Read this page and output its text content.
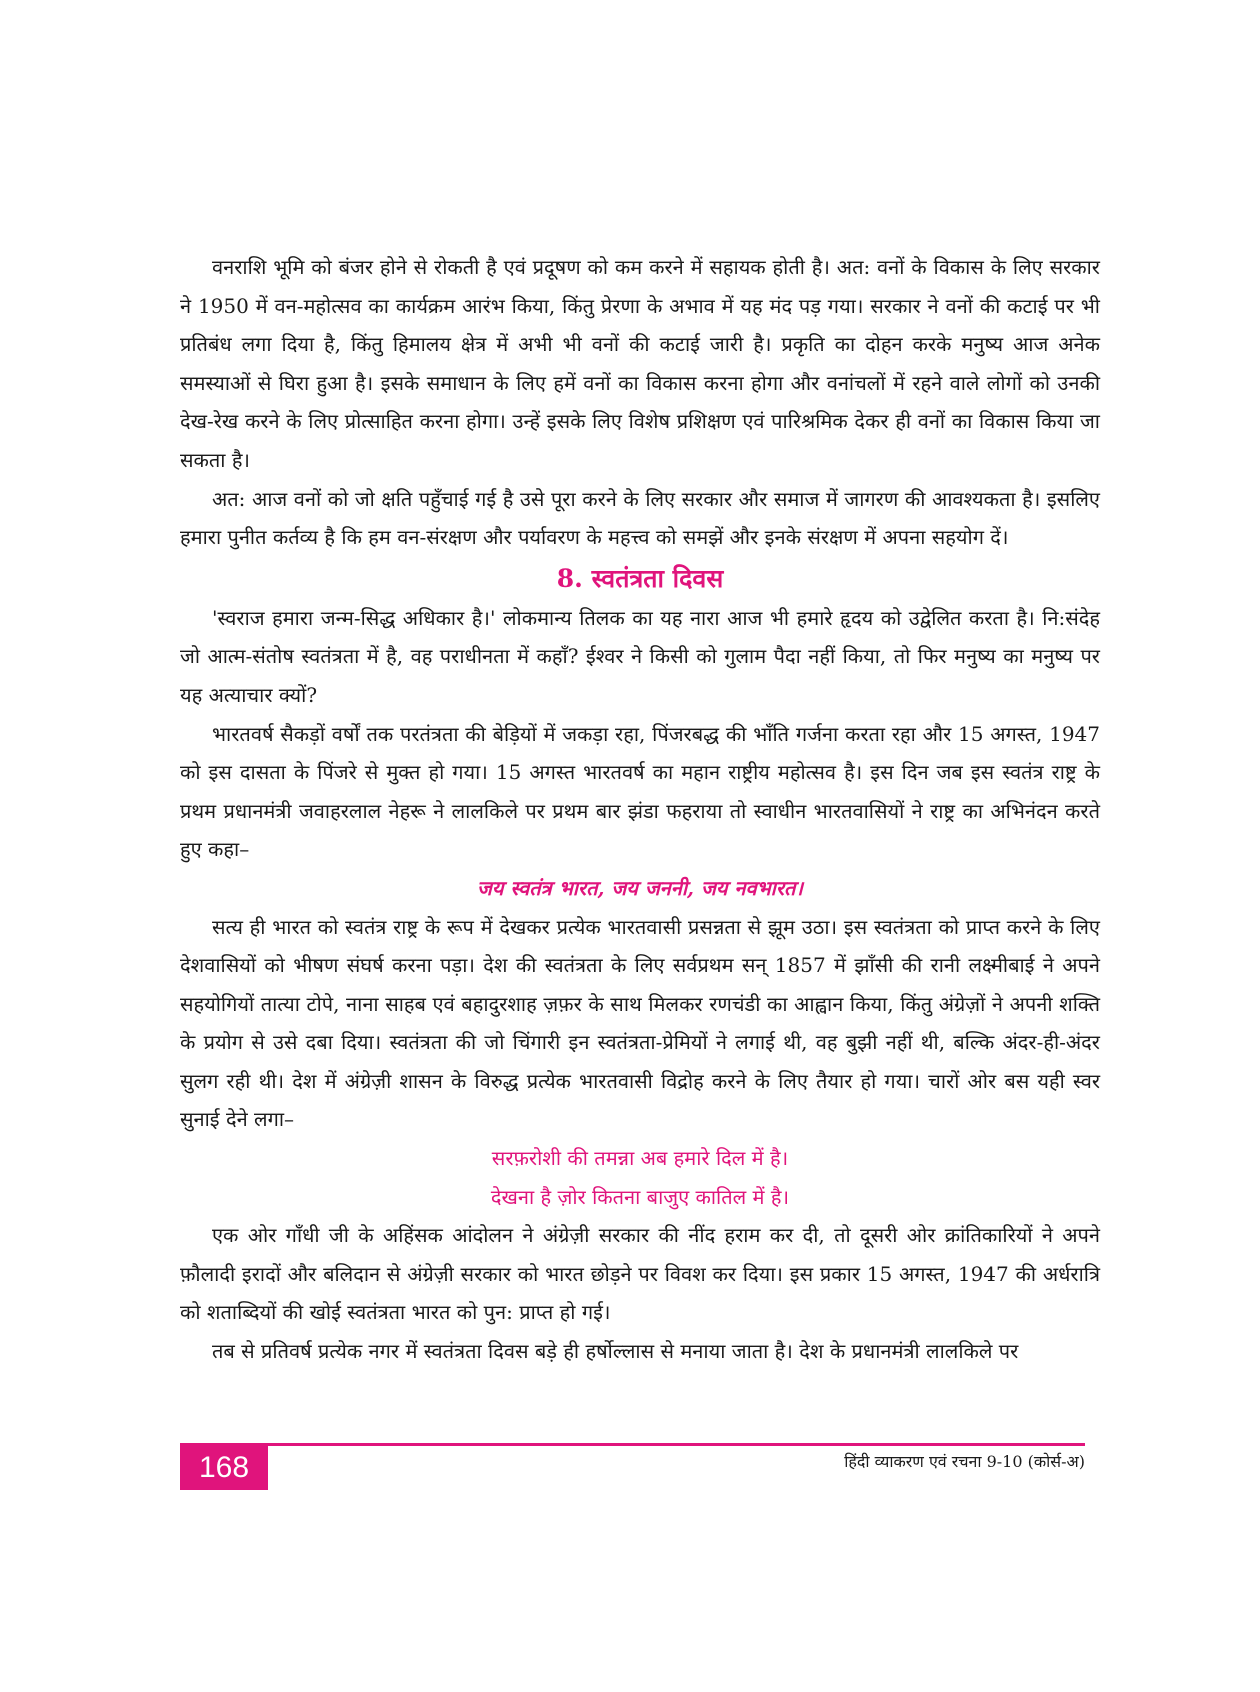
वनराशि भूमि को बंजर होने से रोकती है एवं प्रदूषण को कम करने में सहायक होती है। अत: वनों के विकास के लिए सरकार ने 1950 में वन-महोत्सव का कार्यक्रम आरंभ किया, किंतु प्रेरणा के अभाव में यह मंद पड़ गया। सरकार ने वनों की कटाई पर भी प्रतिबंध लगा दिया है, किंतु हिमालय क्षेत्र में अभी भी वनों की कटाई जारी है। प्रकृति का दोहन करके मनुष्य आज अनेक समस्याओं से घिरा हुआ है। इसके समाधान के लिए हमें वनों का विकास करना होगा और वनांचलों में रहने वाले लोगों को उनकी देख-रेख करने के लिए प्रोत्साहित करना होगा। उन्हें इसके लिए विशेष प्रशिक्षण एवं पारिश्रमिक देकर ही वनों का विकास किया जा सकता है।

अत: आज वनों को जो क्षति पहुँचाई गई है उसे पूरा करने के लिए सरकार और समाज में जागरण की आवश्यकता है। इसलिए हमारा पुनीत कर्तव्य है कि हम वन-संरक्षण और पर्यावरण के महत्त्व को समझें और इनके संरक्षण में अपना सहयोग दें।

8. स्वतंत्रता दिवस

'स्वराज हमारा जन्म-सिद्ध अधिकार है।' लोकमान्य तिलक का यह नारा आज भी हमारे हृदय को उद्वेलित करता है। नि:संदेह जो आत्म-संतोष स्वतंत्रता में है, वह पराधीनता में कहाँ? ईश्वर ने किसी को गुलाम पैदा नहीं किया, तो फिर मनुष्य का मनुष्य पर यह अत्याचार क्यों?

भारतवर्ष सैकड़ों वर्षों तक परतंत्रता की बेड़ियों में जकड़ा रहा, पिंजरबद्ध की भाँति गर्जना करता रहा और 15 अगस्त, 1947 को इस दासता के पिंजरे से मुक्त हो गया। 15 अगस्त भारतवर्ष का महान राष्ट्रीय महोत्सव है। इस दिन जब इस स्वतंत्र राष्ट्र के प्रथम प्रधानमंत्री जवाहरलाल नेहरू ने लालकिले पर प्रथम बार झंडा फहराया तो स्वाधीन भारतवासियों ने राष्ट्र का अभिनंदन करते हुए कहा–

जय स्वतंत्र भारत, जय जननी, जय नवभारत।

सत्य ही भारत को स्वतंत्र राष्ट्र के रूप में देखकर प्रत्येक भारतवासी प्रसन्नता से झूम उठा। इस स्वतंत्रता को प्राप्त करने के लिए देशवासियों को भीषण संघर्ष करना पड़ा। देश की स्वतंत्रता के लिए सर्वप्रथम सन् 1857 में झाँसी की रानी लक्ष्मीबाई ने अपने सहयोगियों तात्या टोपे, नाना साहब एवं बहादुरशाह ज़फ़र के साथ मिलकर रणचंडी का आह्वान किया, किंतु अंग्रेज़ों ने अपनी शक्ति के प्रयोग से उसे दबा दिया। स्वतंत्रता की जो चिंगारी इन स्वतंत्रता-प्रेमियों ने लगाई थी, वह बुझी नहीं थी, बल्कि अंदर-ही-अंदर सुलग रही थी। देश में अंग्रेज़ी शासन के विरुद्ध प्रत्येक भारतवासी विद्रोह करने के लिए तैयार हो गया। चारों ओर बस यही स्वर सुनाई देने लगा–

सरफ़रोशी की तमन्ना अब हमारे दिल में है।

देखना है ज़ोर कितना बाजुए कातिल में है।

एक ओर गाँधी जी के अहिंसक आंदोलन ने अंग्रेज़ी सरकार की नींद हराम कर दी, तो दूसरी ओर क्रांतिकारियों ने अपने फ़ौलादी इरादों और बलिदान से अंग्रेज़ी सरकार को भारत छोड़ने पर विवश कर दिया। इस प्रकार 15 अगस्त, 1947 की अर्धरात्रि को शताब्दियों की खोई स्वतंत्रता भारत को पुन: प्राप्त हो गई।

तब से प्रतिवर्ष प्रत्येक नगर में स्वतंत्रता दिवस बड़े ही हर्षोल्लास से मनाया जाता है। देश के प्रधानमंत्री लालकिले पर

168	हिंदी व्याकरण एवं रचना 9-10 (कोर्स-अ)
